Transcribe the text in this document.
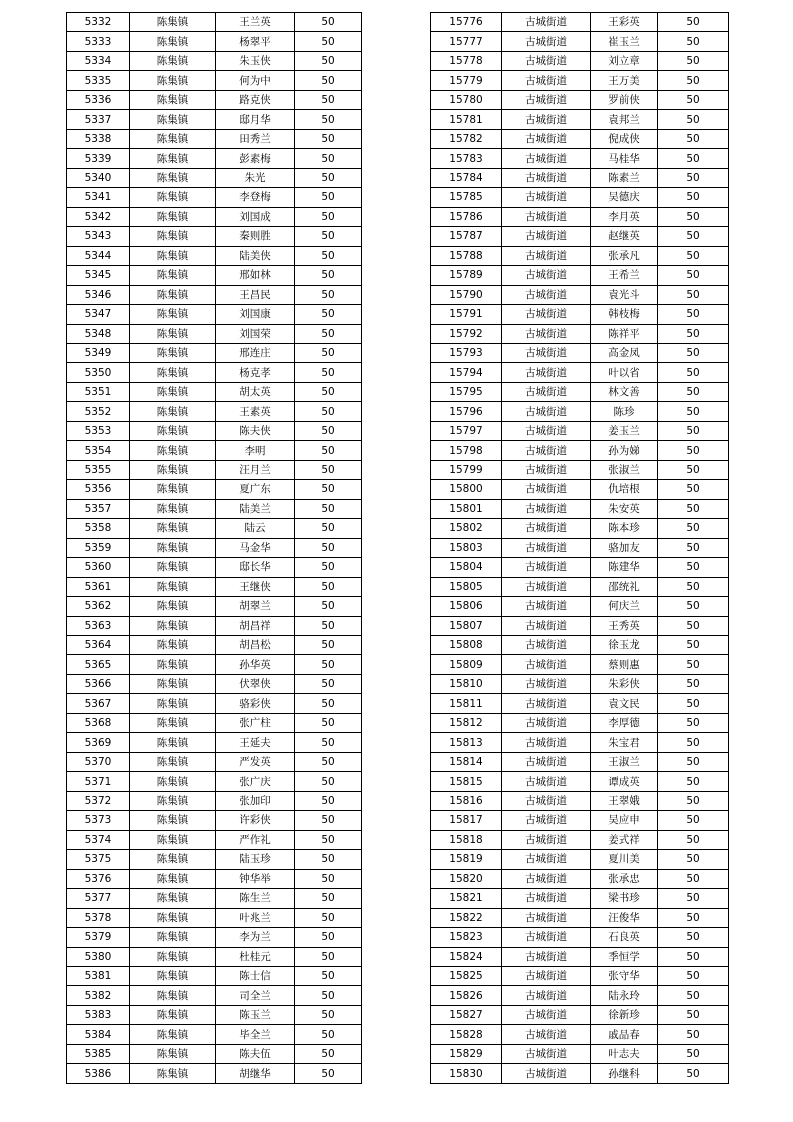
5332	陈集镇	王兰英	50
5333	陈集镇	杨翠平	50
5334	陈集镇	朱玉侠	50
5335	陈集镇	何为中	50
5336	陈集镇	路克侠	50
5337	陈集镇	邸月华	50
5338	陈集镇	田秀兰	50
5339	陈集镇	彭素梅	50
5340	陈集镇	朱光	50
5341	陈集镇	李登梅	50
5342	陈集镇	刘国成	50
5343	陈集镇	秦则胜	50
5344	陈集镇	陆美侠	50
5345	陈集镇	邢如林	50
5346	陈集镇	王昌民	50
5347	陈集镇	刘国康	50
5348	陈集镇	刘国荣	50
5349	陈集镇	邢连庄	50
5350	陈集镇	杨克孝	50
5351	陈集镇	胡太英	50
5352	陈集镇	王素英	50
5353	陈集镇	陈夫侠	50
5354	陈集镇	李明	50
5355	陈集镇	汪月兰	50
5356	陈集镇	夏广东	50
5357	陈集镇	陆美兰	50
5358	陈集镇	陆云	50
5359	陈集镇	马金华	50
5360	陈集镇	邸长华	50
5361	陈集镇	王继侠	50
5362	陈集镇	胡翠兰	50
5363	陈集镇	胡昌祥	50
5364	陈集镇	胡昌松	50
5365	陈集镇	孙华英	50
5366	陈集镇	伏翠侠	50
5367	陈集镇	骆彩侠	50
5368	陈集镇	张广柱	50
5369	陈集镇	王延夫	50
5370	陈集镇	严发英	50
5371	陈集镇	张广庆	50
5372	陈集镇	张加印	50
5373	陈集镇	许彩侠	50
5374	陈集镇	严作礼	50
5375	陈集镇	陆玉珍	50
5376	陈集镇	钟华举	50
5377	陈集镇	陈生兰	50
5378	陈集镇	叶兆兰	50
5379	陈集镇	李为兰	50
5380	陈集镇	杜桂元	50
5381	陈集镇	陈士信	50
5382	陈集镇	司全兰	50
5383	陈集镇	陈玉兰	50
5384	陈集镇	毕全兰	50
5385	陈集镇	陈夫伍	50
5386	陈集镇	胡继华	50
15776	古城街道	王彩英	50
15777	古城街道	崔玉兰	50
15778	古城街道	刘立章	50
15779	古城街道	王万美	50
15780	古城街道	罗前侠	50
15781	古城街道	袁邦兰	50
15782	古城街道	倪成侠	50
15783	古城街道	马桂华	50
15784	古城街道	陈素兰	50
15785	古城街道	吴德庆	50
15786	古城街道	李月英	50
15787	古城街道	赵继英	50
15788	古城街道	张承凡	50
15789	古城街道	王希兰	50
15790	古城街道	袁光斗	50
15791	古城街道	韩枝梅	50
15792	古城街道	陈祥平	50
15793	古城街道	高金凤	50
15794	古城街道	叶以省	50
15795	古城街道	林文善	50
15796	古城街道	陈珍	50
15797	古城街道	姜玉兰	50
15798	古城街道	孙为娣	50
15799	古城街道	张淑兰	50
15800	古城街道	仇培根	50
15801	古城街道	朱安英	50
15802	古城街道	陈本珍	50
15803	古城街道	骆加友	50
15804	古城街道	陈建华	50
15805	古城街道	邵统礼	50
15806	古城街道	何庆兰	50
15807	古城街道	王秀英	50
15808	古城街道	徐玉龙	50
15809	古城街道	蔡则惠	50
15810	古城街道	朱彩侠	50
15811	古城街道	袁文民	50
15812	古城街道	李厚德	50
15813	古城街道	朱宝君	50
15814	古城街道	王淑兰	50
15815	古城街道	谭成英	50
15816	古城街道	王翠娥	50
15817	古城街道	吴应申	50
15818	古城街道	姜式祥	50
15819	古城街道	夏川美	50
15820	古城街道	张承忠	50
15821	古城街道	梁书珍	50
15822	古城街道	汪俊华	50
15823	古城街道	石良英	50
15824	古城街道	季恒学	50
15825	古城街道	张守华	50
15826	古城街道	陆永玲	50
15827	古城街道	徐新珍	50
15828	古城街道	戚品春	50
15829	古城街道	叶志夫	50
15830	古城街道	孙继科	50
